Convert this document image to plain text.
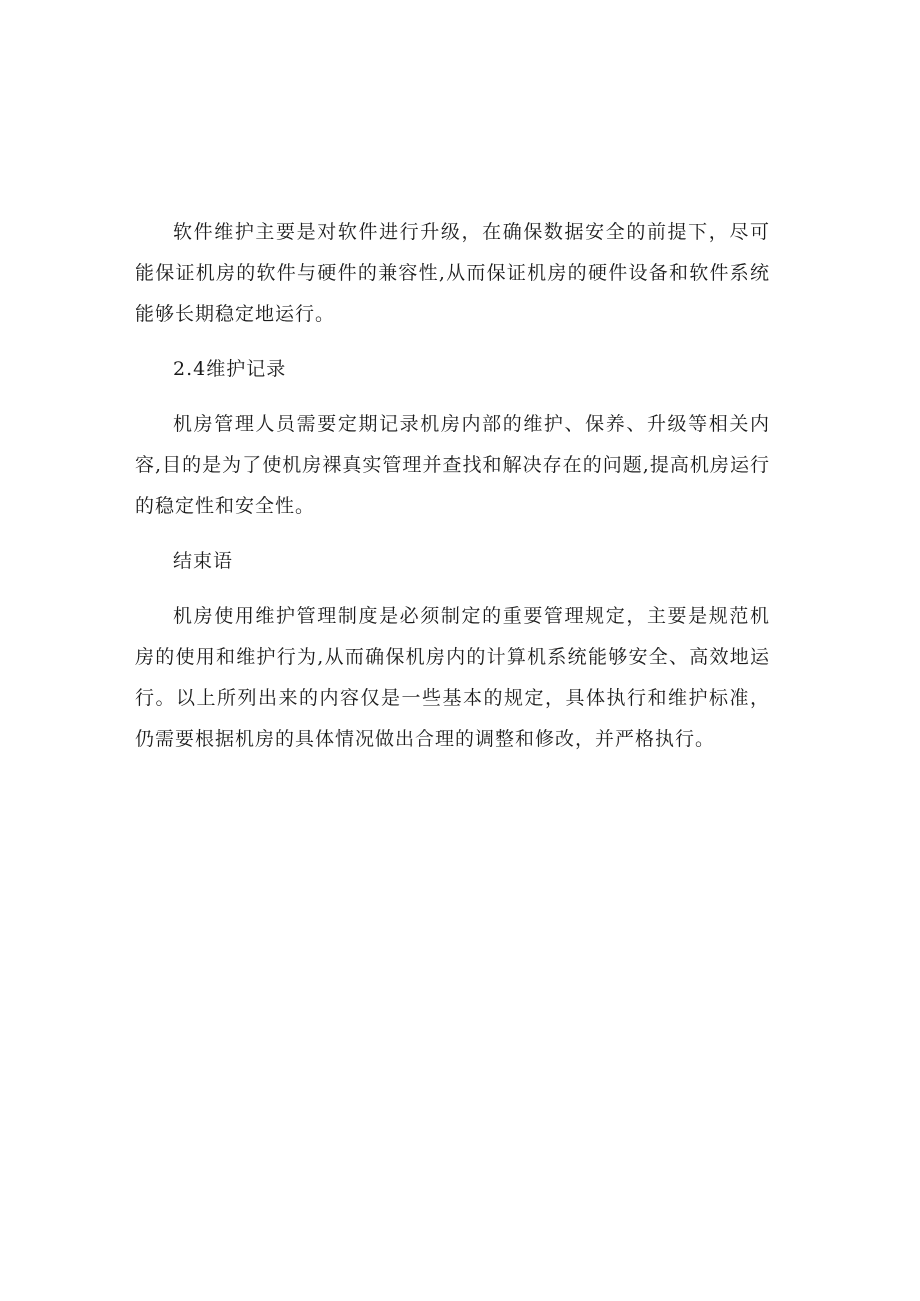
软件维护主要是对软件进行升级，在确保数据安全的前提下，尽可能保证机房的软件与硬件的兼容性,从而保证机房的硬件设备和软件系统能够长期稳定地运行。

2.4维护记录

机房管理人员需要定期记录机房内部的维护、保养、升级等相关内容,目的是为了使机房裸真实管理并查找和解决存在的问题,提高机房运行的稳定性和安全性。

结束语

机房使用维护管理制度是必须制定的重要管理规定，主要是规范机房的使用和维护行为,从而确保机房内的计算机系统能够安全、高效地运行。以上所列出来的内容仅是一些基本的规定，具体执行和维护标准，仍需要根据机房的具体情况做出合理的调整和修改，并严格执行。
